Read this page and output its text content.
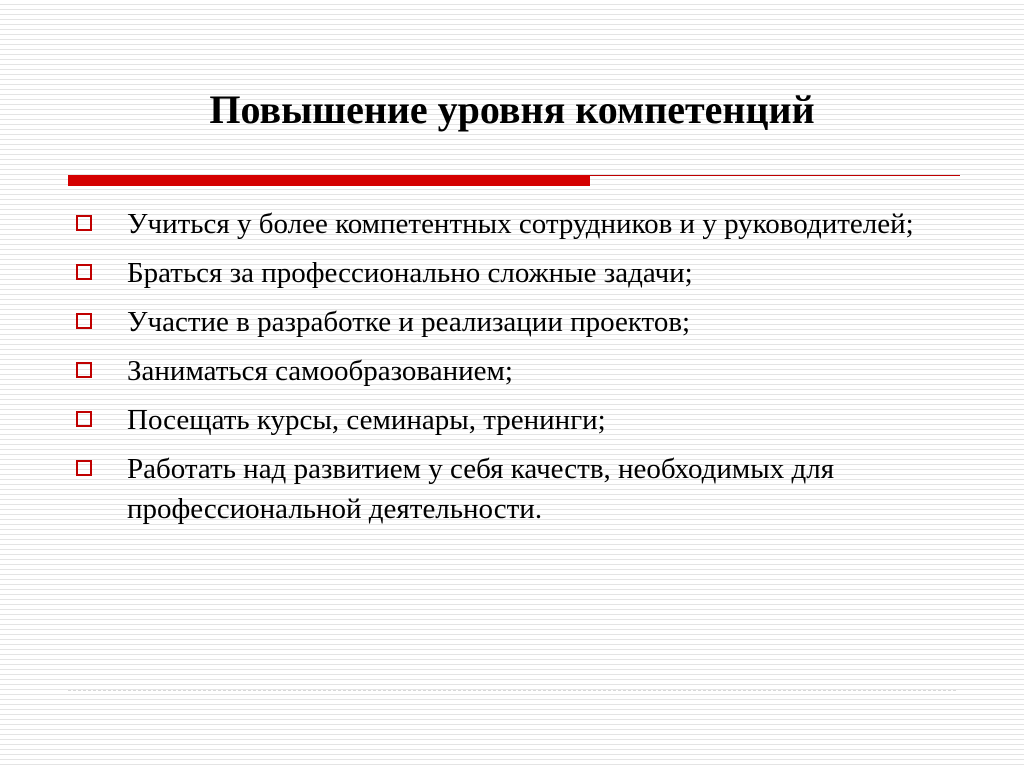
Повышение уровня компетенций
Учиться у более компетентных сотрудников и у руководителей;
Браться за профессионально сложные задачи;
Участие в разработке и реализации проектов;
Заниматься самообразованием;
Посещать курсы, семинары, тренинги;
Работать над развитием у себя качеств, необходимых для профессиональной деятельности.
